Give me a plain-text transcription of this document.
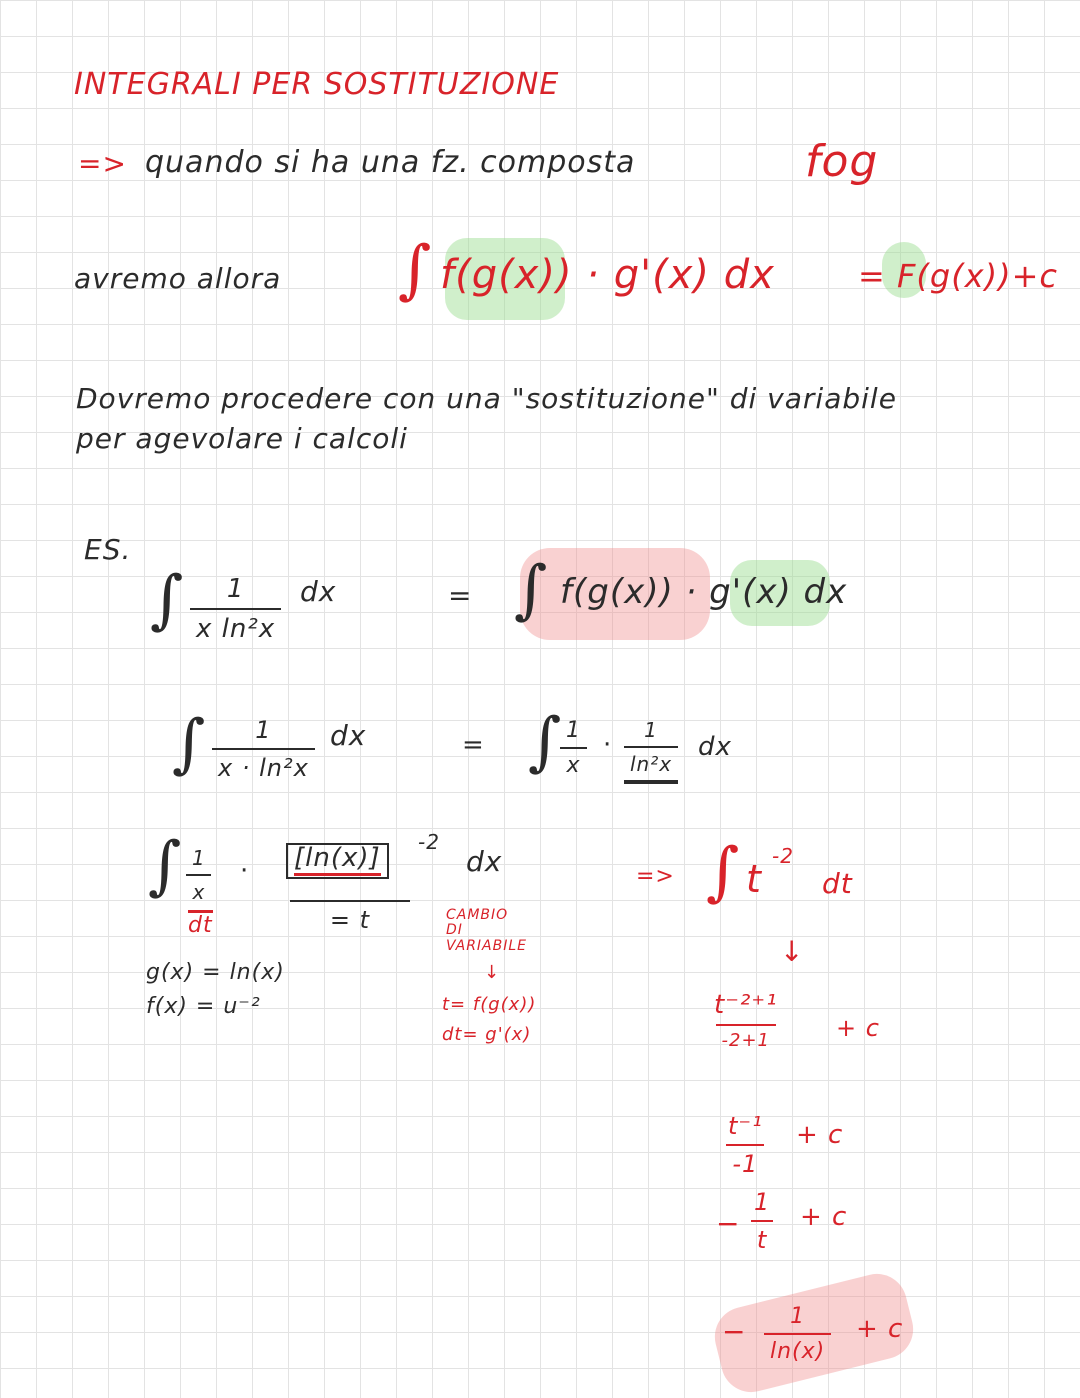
INTEGRALI PER SOSTITUZIONE
=> quando si ha una fz. composta	fog
avremo allora ∫ f(g(x)) · g'(x) dx	= F(g(x))+c
Dovremo procedere con una "sostituzione" di variabile
per agevolare i calcoli
ES.
∫ $\frac{1}{\text{x ln²x}}$ dx	= ∫ f(g(x)) · g'(x) dx
∫ $\frac{1}{\text{x · ln²x}}$ dx	= ∫
$\frac{1}{x} \cdot \frac{1}{\text{ln²x}}$ dx
∫ $\frac{1}{x}$ ·	[ln(x)]
-2
dx
dt	= t
=> ∫ t
-2
dt
g(x) = ln(x)
f(x) = u⁻²
CAMBIO
DI
VARIABILE
↓
t= f(g(x))
dt= g'(x)
↓
t⁻²⁺¹
-2+1	+ c
$\frac{\text{t⁻¹}}{-1} + c$
− $\frac{1}{t} + c$
− $\frac{1}{\ln(x)} + c$
